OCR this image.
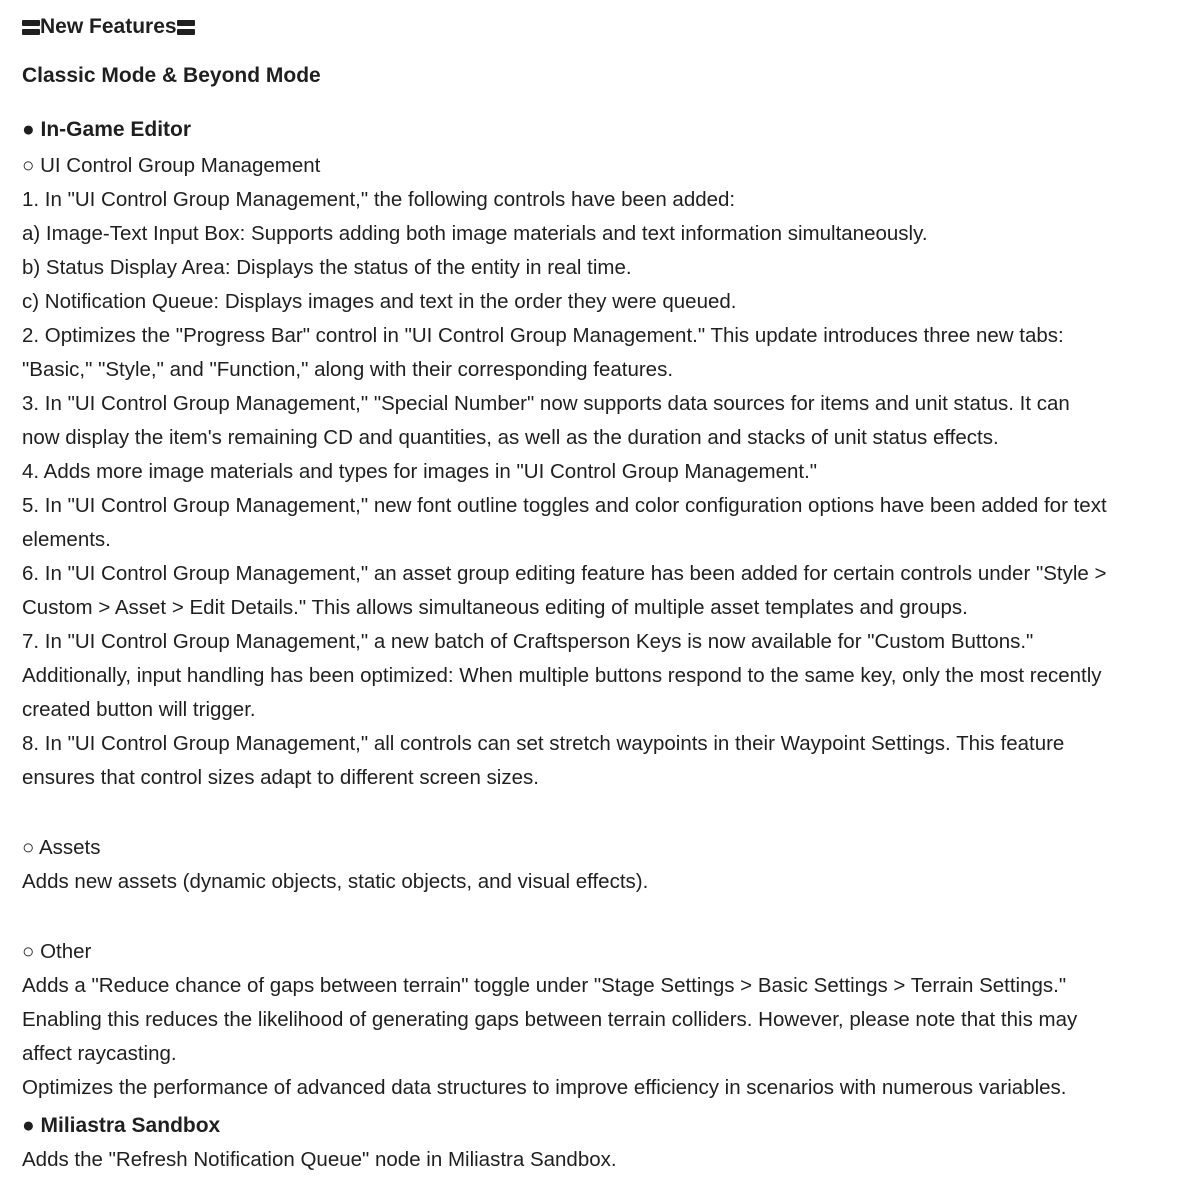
New Features
Classic Mode & Beyond Mode
● In-Game Editor
○ UI Control Group Management
1. In "UI Control Group Management," the following controls have been added:
a) Image-Text Input Box: Supports adding both image materials and text information simultaneously.
b) Status Display Area: Displays the status of the entity in real time.
c) Notification Queue: Displays images and text in the order they were queued.
2. Optimizes the "Progress Bar" control in "UI Control Group Management." This update introduces three new tabs:
"Basic," "Style," and "Function," along with their corresponding features.
3. In "UI Control Group Management," "Special Number" now supports data sources for items and unit status. It can
now display the item's remaining CD and quantities, as well as the duration and stacks of unit status effects.
4. Adds more image materials and types for images in "UI Control Group Management."
5. In "UI Control Group Management," new font outline toggles and color configuration options have been added for text
elements.
6. In "UI Control Group Management," an asset group editing feature has been added for certain controls under "Style >
Custom > Asset > Edit Details." This allows simultaneous editing of multiple asset templates and groups.
7. In "UI Control Group Management," a new batch of Craftsperson Keys is now available for "Custom Buttons."
Additionally, input handling has been optimized: When multiple buttons respond to the same key, only the most recently
created button will trigger.
8. In "UI Control Group Management," all controls can set stretch waypoints in their Waypoint Settings. This feature
ensures that control sizes adapt to different screen sizes.
○ Assets
Adds new assets (dynamic objects, static objects, and visual effects).
○ Other
Adds a "Reduce chance of gaps between terrain" toggle under "Stage Settings > Basic Settings > Terrain Settings."
Enabling this reduces the likelihood of generating gaps between terrain colliders. However, please note that this may
affect raycasting.
Optimizes the performance of advanced data structures to improve efficiency in scenarios with numerous variables.
● Miliastra Sandbox
Adds the "Refresh Notification Queue" node in Miliastra Sandbox.
